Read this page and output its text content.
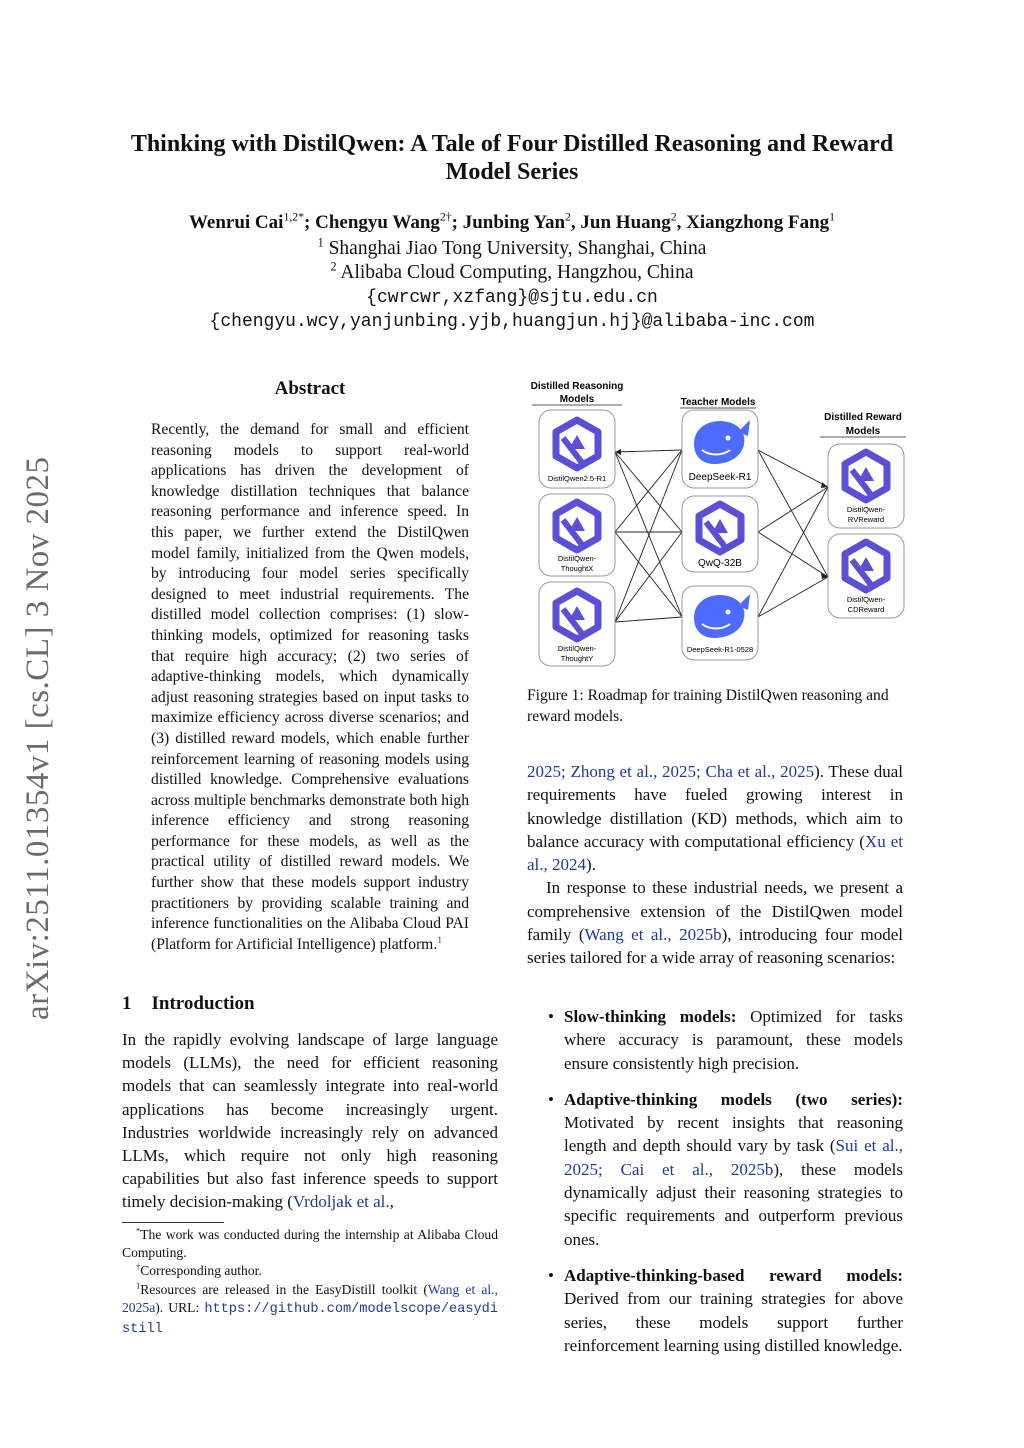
arXiv:2511.01354v1 [cs.CL] 3 Nov 2025
Thinking with DistilQwen: A Tale of Four Distilled Reasoning and Reward
Model Series
Wenrui Cai$^{1,2*}$; Chengyu Wang$^{2\dagger}$; Junbing Yan$^2$, Jun Huang$^2$, Xiangzhong Fang$^1$
$^1$ Shanghai Jiao Tong University, Shanghai, China
$^2$ Alibaba Cloud Computing, Hangzhou, China
{cwrcwr,xzfang}@sjtu.edu.cn
{chengyu.wcy,yanjunbing.yjb,huangjun.hj}@alibaba-inc.com
Abstract
Recently, the demand for small and efficient reasoning models to support real-world applications has driven the development of knowledge distillation techniques that balance reasoning performance and inference speed. In this paper, we further extend the DistilQwen model family, initialized from the Qwen models, by introducing four model series specifically designed to meet industrial requirements. The distilled model collection comprises: (1) slow-thinking models, optimized for reasoning tasks that require high accuracy; (2) two series of adaptive-thinking models, which dynamically adjust reasoning strategies based on input tasks to maximize efficiency across diverse scenarios; and (3) distilled reward models, which enable further reinforcement learning of reasoning models using distilled knowledge. Comprehensive evaluations across multiple benchmarks demonstrate both high inference efficiency and strong reasoning performance for these models, as well as the practical utility of distilled reward models. We further show that these models support industry practitioners by providing scalable training and inference functionalities on the Alibaba Cloud PAI (Platform for Artificial Intelligence) platform.$^1$
1 Introduction
In the rapidly evolving landscape of large language models (LLMs), the need for efficient reasoning models that can seamlessly integrate into real-world applications has become increasingly urgent. Industries worldwide increasingly rely on advanced LLMs, which require not only high reasoning capabilities but also fast inference speeds to support timely decision-making (Vrdoljak et al.,

*The work was conducted during the internship at Alibaba Cloud Computing.

†Corresponding author.

$^1$Resources are released in the EasyDistill toolkit (Wang et al., 2025a). URL: https://github.com/modelscope/easydistill

Distilled Reasoning
Models	Teacher Models
Distilled Reward
Models
DistilQwen2.5-R1
DistilQwen-
ThoughtX
DistilQwen-
ThoughtY
DeepSeek-R1
QwQ-32B
DeepSeek-R1-0528
DistilQwen-
RVReward
DistilQwen-
CDReward
Figure 1: Roadmap for training DistilQwen reasoning and reward models.

2025; Zhong et al., 2025; Cha et al., 2025). These dual requirements have fueled growing interest in knowledge distillation (KD) methods, which aim to balance accuracy with computational efficiency (Xu et al., 2024).

In response to these industrial needs, we present a comprehensive extension of the DistilQwen model family (Wang et al., 2025b), introducing four model series tailored for a wide array of reasoning scenarios:

• Slow-thinking models: Optimized for tasks where accuracy is paramount, these models ensure consistently high precision.
• Adaptive-thinking models (two series): Motivated by recent insights that reasoning length and depth should vary by task (Sui et al., 2025; Cai et al., 2025b), these models dynamically adjust their reasoning strategies to specific requirements and outperform previous ones.
• Adaptive-thinking-based reward models: Derived from our training strategies for above series, these models support further reinforcement learning using distilled knowledge.
